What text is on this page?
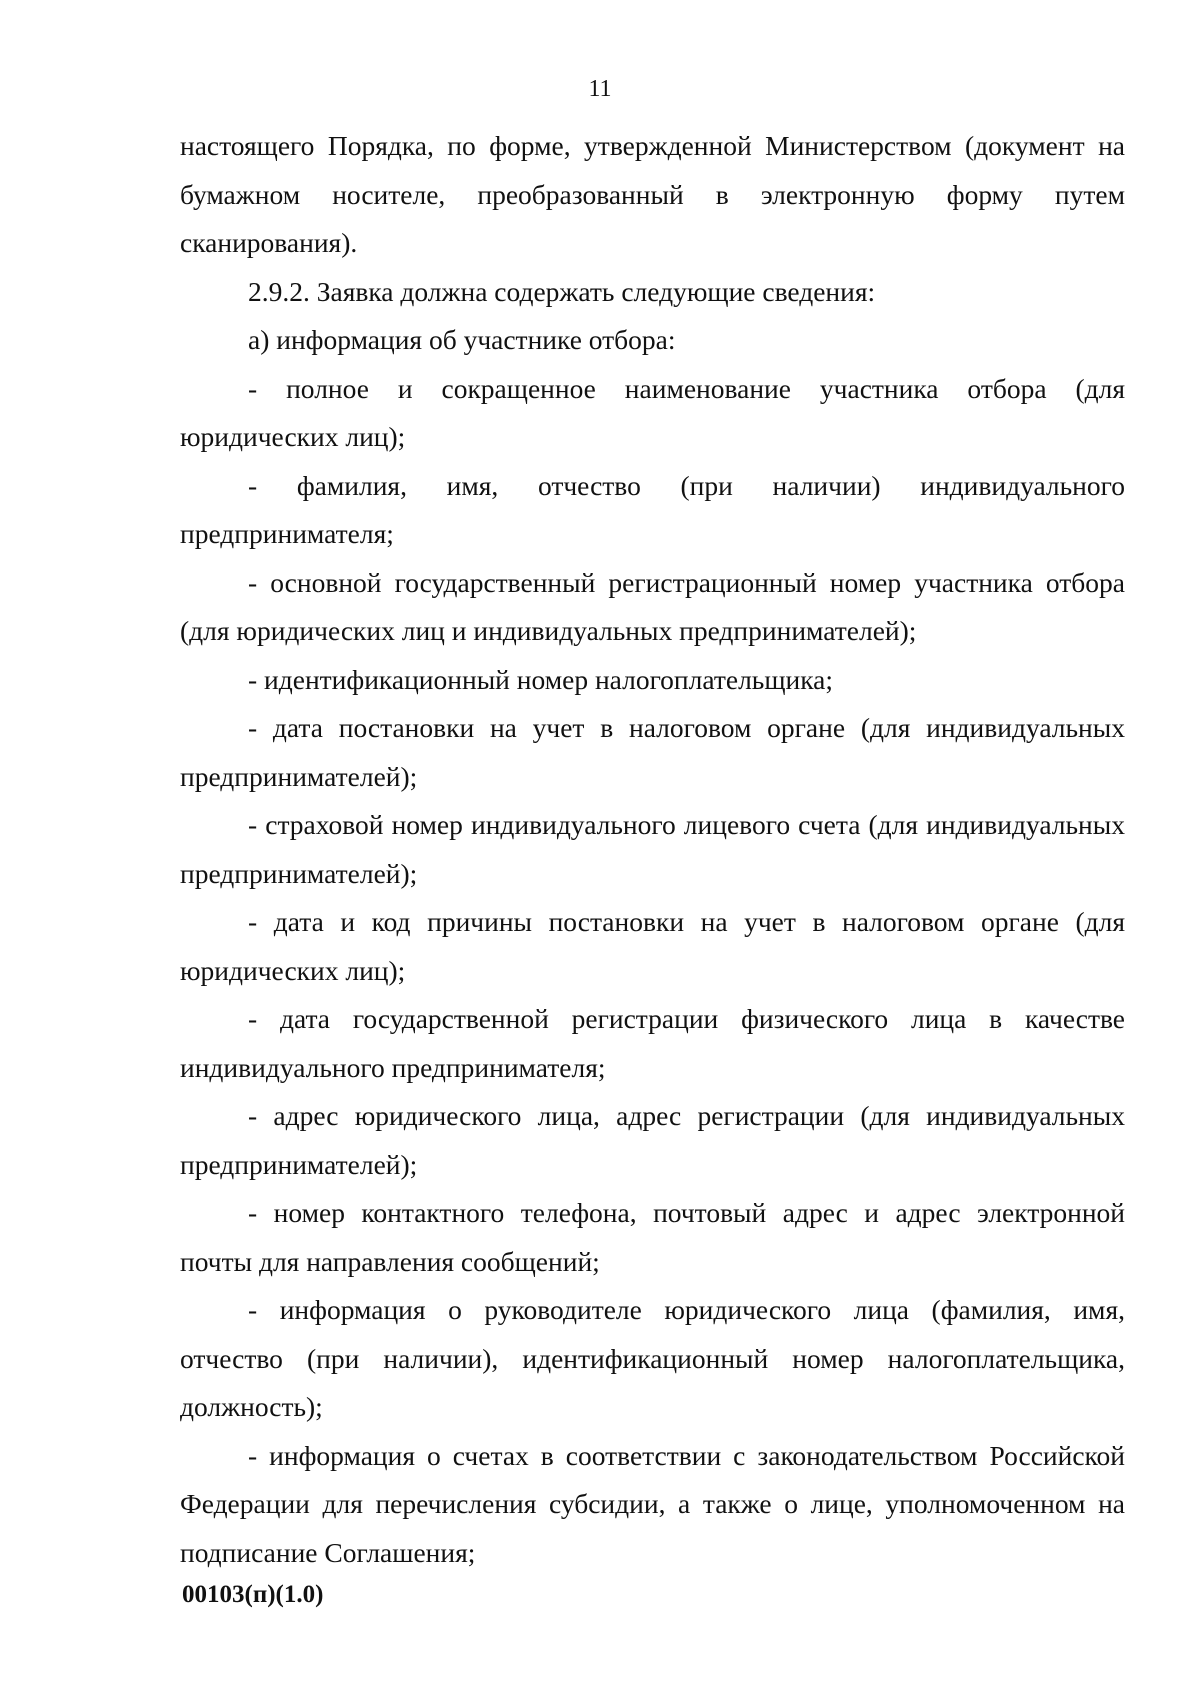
11

настоящего Порядка, по форме, утвержденной Министерством (документ на бумажном носителе, преобразованный в электронную форму путем сканирования).

2.9.2. Заявка должна содержать следующие сведения:

а) информация об участнике отбора:

- полное и сокращенное наименование участника отбора (для юридических лиц);

- фамилия, имя, отчество (при наличии) индивидуального предпринимателя;

- основной государственный регистрационный номер участника отбора (для юридических лиц и индивидуальных предпринимателей);

- идентификационный номер налогоплательщика;

- дата постановки на учет в налоговом органе (для индивидуальных предпринимателей);

- страховой номер индивидуального лицевого счета (для индивидуальных предпринимателей);

- дата и код причины постановки на учет в налоговом органе (для юридических лиц);

- дата государственной регистрации физического лица в качестве индивидуального предпринимателя;

- адрес юридического лица, адрес регистрации (для индивидуальных предпринимателей);

- номер контактного телефона, почтовый адрес и адрес электронной почты для направления сообщений;

- информация о руководителе юридического лица (фамилия, имя, отчество (при наличии), идентификационный номер налогоплательщика, должность);

- информация о счетах в соответствии с законодательством Российской Федерации для перечисления субсидии, а также о лице, уполномоченном на подписание Соглашения;

00103(п)(1.0)
